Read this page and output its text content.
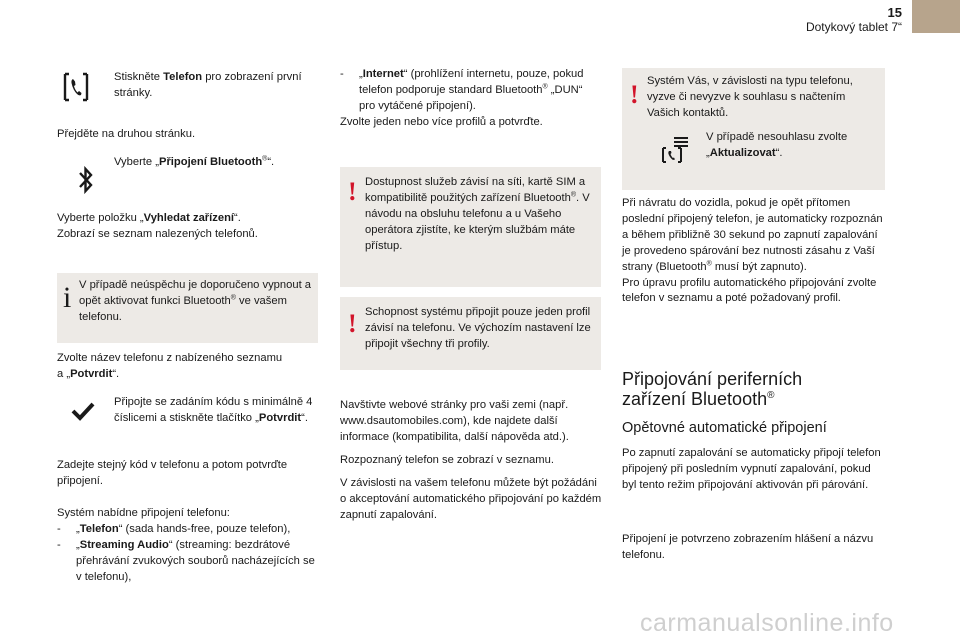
15
Dotykový tablet 7“

Stiskněte Telefon pro zobrazení první stránky.

Přejděte na druhou stránku.

Vyberte „Připojení Bluetooth®“.

Vyberte položku „Vyhledat zařízení“.

Zobrazí se seznam nalezených telefonů.

i V případě neúspěchu je doporučeno vypnout a opět aktivovat funkci Bluetooth® ve vašem telefonu.

Zvolte název telefonu z nabízeného seznamu

a „Potvrdit“.

Připojte se zadáním kódu s minimálně 4 číslicemi a stiskněte tlačítko „Potvrdit“.

Zadejte stejný kód v telefonu a potom potvrďte připojení.

Systém nabídne připojení telefonu:

- „Telefon“ (sada hands-free, pouze telefon),
- „Streaming Audio“ (streaming: bezdrátové přehrávání zvukových souborů nacházejících se v telefonu),
- „Internet“ (prohlížení internetu, pouze, pokud telefon podporuje standard Bluetooth® „DUN“ pro vytáčené připojení).

Zvolte jeden nebo více profilů a potvrďte.

! Dostupnost služeb závisí na síti, kartě SIM a kompatibilitě použitých zařízení Bluetooth®. V návodu na obsluhu telefonu a u Vašeho operátora zjistíte, ke kterým službám máte přístup.

! Schopnost systému připojit pouze jeden profil závisí na telefonu. Ve výchozím nastavení lze připojit všechny tři profily.

Navštivte webové stránky pro vaši zemi (např. www.dsautomobiles.com), kde najdete další informace (kompatibilita, další nápověda atd.).

Rozpoznaný telefon se zobrazí v seznamu.

V závislosti na vašem telefonu můžete být požádáni o akceptování automatického připojování po každém zapnutí zapalování.

! Systém Vás, v závislosti na typu telefonu, vyzve či nevyzve k souhlasu s načtením Vašich kontaktů.

V případě nesouhlasu zvolte „Aktualizovat“.

Při návratu do vozidla, pokud je opět přítomen poslední připojený telefon, je automaticky rozpoznán a během přibližně 30 sekund po zapnutí zapalování je provedeno spárování bez nutnosti zásahu z Vaší strany (Bluetooth® musí být zapnuto).

Pro úpravu profilu automatického připojování zvolte telefon v seznamu a poté požadovaný profil.

Připojování periferních
zařízení Bluetooth®
Opětovné automatické připojení

Po zapnutí zapalování se automaticky připojí telefon připojený při posledním vypnutí zapalování, pokud byl tento režim připojování aktivován při párování.

Připojení je potvrzeno zobrazením hlášení a názvu telefonu.

carmanualsonline.info
